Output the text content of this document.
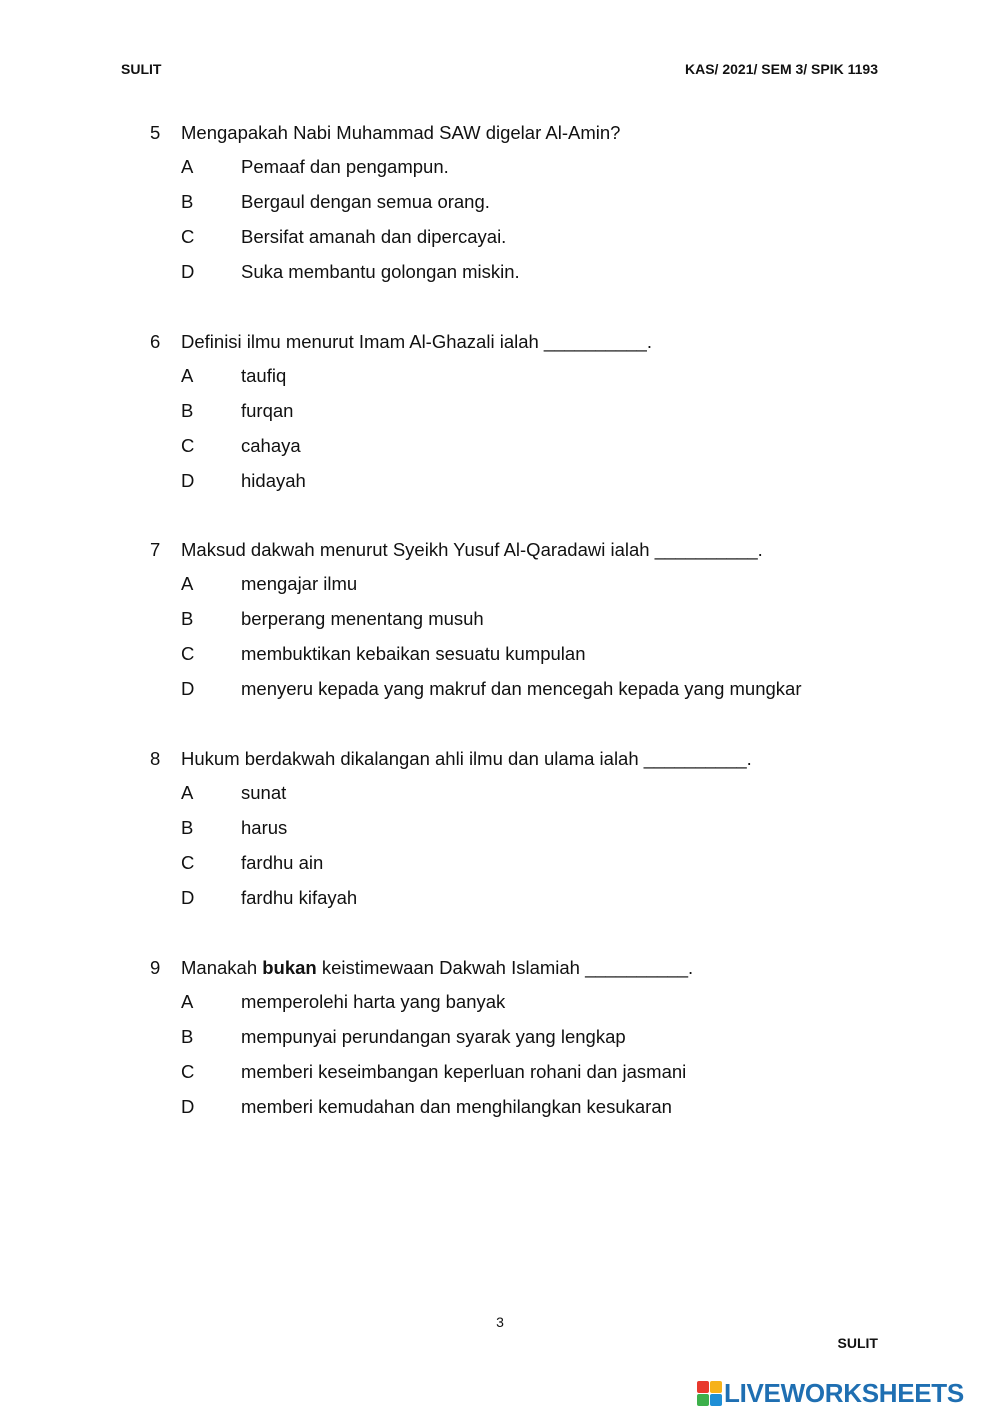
SULIT	KAS/ 2021/ SEM 3/ SPIK 1193
5 Mengapakah Nabi Muhammad SAW digelar Al-Amin?
A	Pemaaf dan pengampun.
B	Bergaul dengan semua orang.
C	Bersifat amanah dan dipercayai.
D	Suka membantu golongan miskin.
6 Definisi ilmu menurut Imam Al-Ghazali ialah __________.
A	taufiq
B	furqan
C	cahaya
D	hidayah
7 Maksud dakwah menurut Syeikh Yusuf Al-Qaradawi ialah __________.
A	mengajar ilmu
B	berperang menentang musuh
C	membuktikan kebaikan sesuatu kumpulan
D	menyeru kepada yang makruf dan mencegah kepada yang mungkar
8 Hukum berdakwah dikalangan ahli ilmu dan ulama ialah __________.
A	sunat
B	harus
C	fardhu ain
D	fardhu kifayah
9 Manakah bukan keistimewaan Dakwah Islamiah __________.
A	memperolehi harta yang banyak
B	mempunyai perundangan syarak yang lengkap
C	memberi keseimbangan keperluan rohani dan jasmani
D	memberi kemudahan dan menghilangkan kesukaran
3
SULIT
LIVEWORKSHEETS
